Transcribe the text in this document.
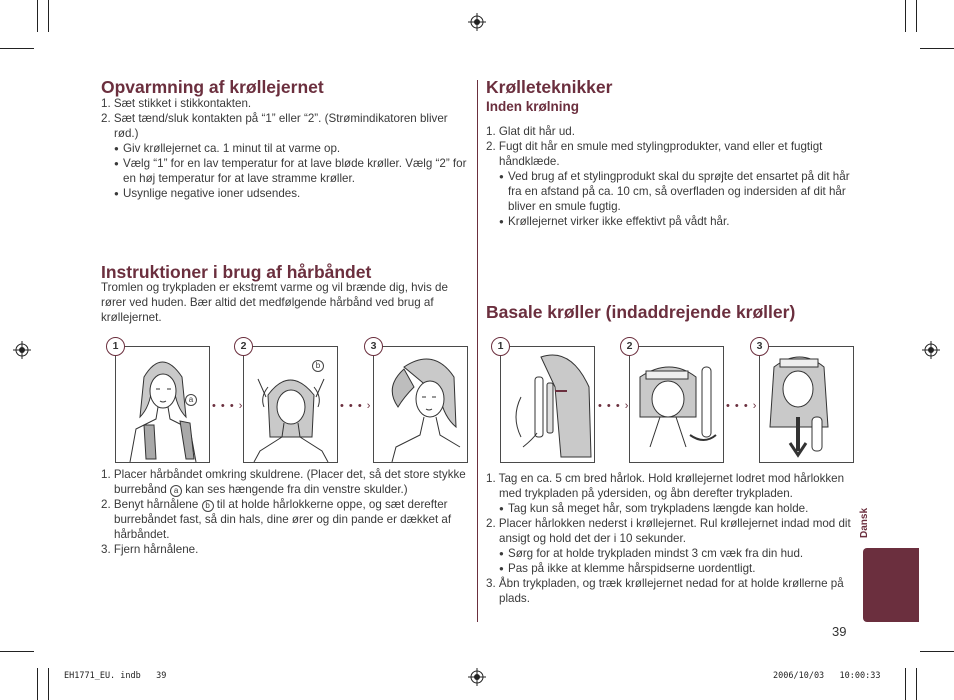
Opvarmning af krøllejernet

1. Sæt stikket i stikkontakten.

2. Sæt tænd/sluk kontakten på “1” eller “2”. (Strømindikatoren bliver rød.)

● Giv krøllejernet ca. 1 minut til at varme op.

● Vælg “1” for en lav temperatur for at lave bløde krøller. Vælg “2” for en høj temperatur for at lave stramme krøller.

● Usynlige negative ioner udsendes.

Instruktioner i brug af hårbåndet
Tromlen og trykpladen er ekstremt varme og vil brænde dig, hvis de rører ved huden. Bær altid det medfølgende hårbånd ved brug af krøllejernet.
1
a
• • • ›
2
b
• • • ›
3

1. Placer hårbåndet omkring skuldrene. (Placer det, så det store stykke burrebånd a kan ses hængende fra din venstre skulder.)

2. Benyt hårnålene b til at holde hårlokkerne oppe, og sæt derefter burrebåndet fast, så din hals, dine ører og din pande er dækket af hårbåndet.

3. Fjern hårnålene.

Krølleteknikker
Inden krølning

1. Glat dit hår ud.

2. Fugt dit hår en smule med stylingprodukter, vand eller et fugtigt håndklæde.

● Ved brug af et stylingprodukt skal du sprøjte det ensartet på dit hår fra en afstand på ca. 10 cm, så overfladen og indersiden af dit hår bliver en smule fugtig.

● Krøllejernet virker ikke effektivt på vådt hår.

Basale krøller (indaddrejende krøller)
1
• • • ›
2
• • • ›
3

1. Tag en ca. 5 cm bred hårlok. Hold krøllejernet lodret mod hårlokken med trykpladen på ydersiden, og åbn derefter trykpladen.

● Tag kun så meget hår, som trykpladens længde kan holde.

2. Placer hårlokken nederst i krøllejernet. Rul krøllejernet indad mod dit ansigt og hold det der i 10 sekunder.

● Sørg for at holde trykpladen mindst 3 cm væk fra din hud.

● Pas på ikke at klemme hårspidserne uordentligt.

3. Åbn trykpladen, og træk krøllejernet nedad for at holde krøllerne på plads.

Dansk
39
EH1771_EU. indb   39	2006/10/03   10:00:33
